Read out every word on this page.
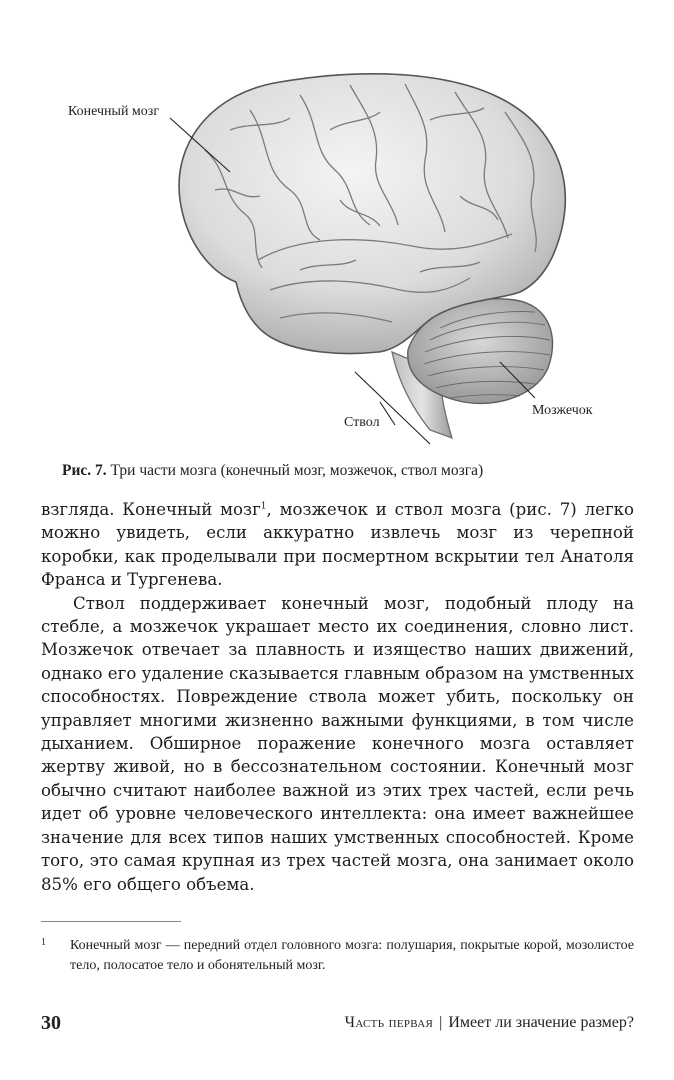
Конечный мозг
Ствол
Мозжечок
Рис. 7. Три части мозга (конечный мозг, мозжечок, ствол мозга)

взгляда. Конечный мозг$^1$, мозжечок и ствол мозга (рис. 7) легко можно увидеть, если аккуратно извлечь мозг из черепной коробки, как проделывали при посмертном вскрытии тел Анатоля Франса и Тургенева.

Ствол поддерживает конечный мозг, подобный плоду на стебле, а мозжечок украшает место их соединения, словно лист. Мозжечок отвечает за плавность и изящество наших движений, однако его удаление сказывается главным образом на умственных способностях. Повреждение ствола может убить, поскольку он управляет многими жизненно важными функциями, в том числе дыханием. Обширное поражение конечного мозга оставляет жертву живой, но в бессознательном состоянии. Конечный мозг обычно считают наиболее важной из этих трех частей, если речь идет об уровне человеческого интеллекта: она имеет важнейшее значение для всех типов наших умственных способностей. Кроме того, это самая крупная из трех частей мозга, она занимает около 85% его общего объема.

1 Конечный мозг — передний отдел головного мозга: полушария, покрытые корой, мозолистое тело, полосатое тело и обонятельный мозг.
30	Часть первая | Имеет ли значение размер?
